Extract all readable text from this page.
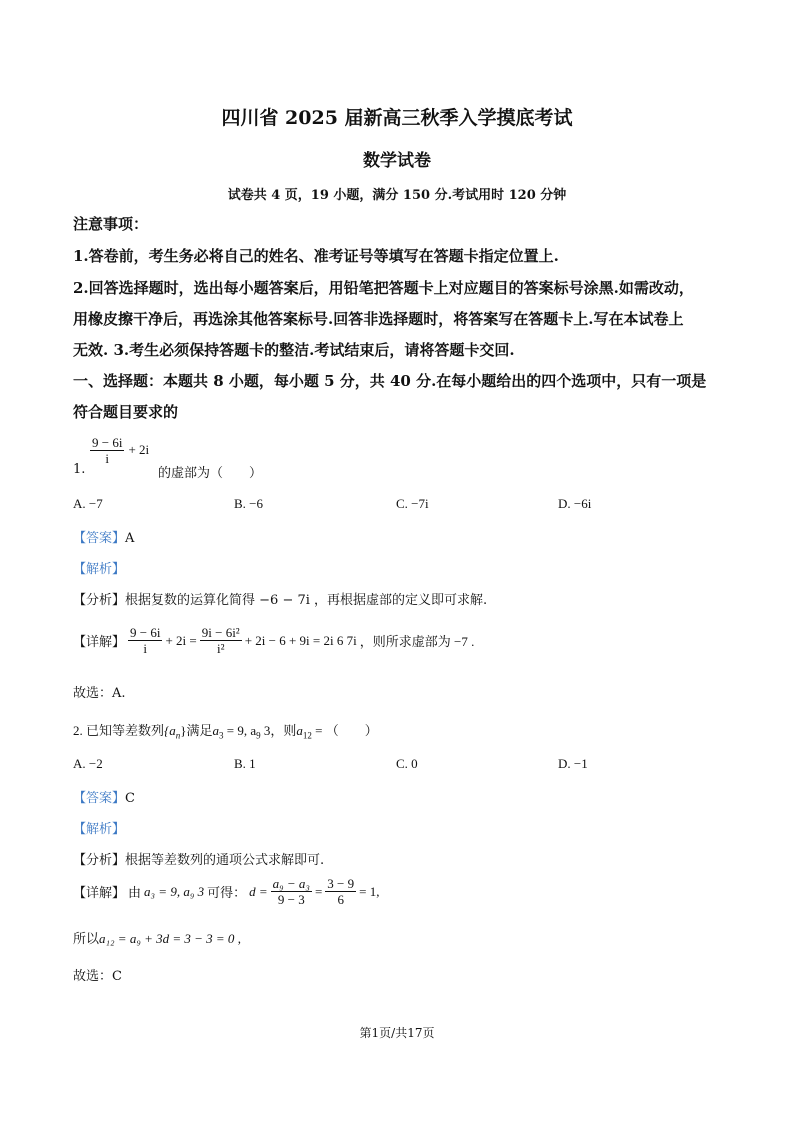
四川省 2025 届新高三秋季入学摸底考试
数学试卷
试卷共 4 页，19 小题，满分 150 分.考试用时 120 分钟
注意事项：
1.答卷前，考生务必将自己的姓名、准考证号等填写在答题卡指定位置上.
2.回答选择题时，选出每小题答案后，用铅笔把答题卡上对应题目的答案标号涂黑.如需改动，
用橡皮擦干净后，再选涂其他答案标号.回答非选择题时，将答案写在答题卡上.写在本试卷上
无效. 3.考生必须保持答题卡的整洁.考试结束后，请将答题卡交回.
一、选择题：本题共 8 小题，每小题 5 分，共 40 分.在每小题给出的四个选项中，只有一项是
符合题目要求的
1.
$\frac{9 - 6i}{i} + 2i$
的虚部为（　　）
A. −7	B. −6	C. −7i	D. −6i
【答案】A
【解析】
【分析】根据复数的运算化简得 −6 − 7i ，再根据虚部的定义即可求解.
【详解】 $\frac{9 - 6i}{i} + 2i = \frac{\text{9i − 6i²}}{\text{i²}} + 2i - 6 + 9i = 2i$ 6 7i ，则所求虚部为 −7 .
故选：A.
2. 已知等差数列$\{a_n\}$满足$a_3 = 9$, $a_9$ 3，则$a_{12}$ = （　　）
A. −2	B. 1	C. 0	D. −1
【答案】C
【解析】
【分析】根据等差数列的通项公式求解即可.
【详解】 由 a₃ = 9, a₉ 3 可得： $d = \frac{\text{a₉ − a₃}}{9 - 3} = \frac{3 - 9}{6} = 1$,
所以a₁₂ = a₉ + 3d = 3 − 3 = 0 ,
故选：C
第1页/共17页
